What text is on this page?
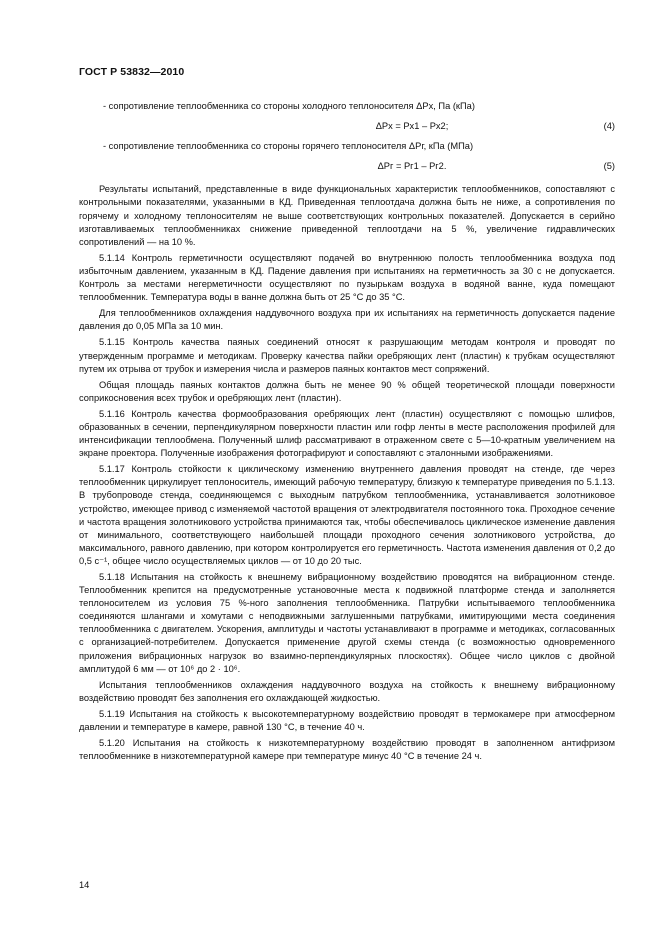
ГОСТ Р 53832—2010

- сопротивление теплообменника со стороны холодного теплоносителя ΔPх, Па (кПа)

ΔPх = Pх1 – Pх2;	(4)

- сопротивление теплообменника со стороны горячего теплоносителя ΔPг, кПа (МПа)

ΔPг = Pг1 – Pг2.	(5)

Результаты испытаний, представленные в виде функциональных характеристик теплообменников, сопоставляют с контрольными показателями, указанными в КД. Приведенная теплоотдача должна быть не ниже, а сопротивления по горячему и холодному теплоносителям не выше соответствующих контрольных показателей. Допускается в серийно изготавливаемых теплообменниках снижение приведенной теплоотдачи на 5 %, увеличение гидравлических сопротивлений — на 10 %.

5.1.14 Контроль герметичности осуществляют подачей во внутреннюю полость теплообменника воздуха под избыточным давлением, указанным в КД. Падение давления при испытаниях на герметичность за 30 с не допускается. Контроль за местами негерметичности осуществляют по пузырькам воздуха в водяной ванне, куда помещают теплообменник. Температура воды в ванне должна быть от 25 °С до 35 °С.

Для теплообменников охлаждения наддувочного воздуха при их испытаниях на герметичность допускается падение давления до 0,05 МПа за 10 мин.

5.1.15 Контроль качества паяных соединений относят к разрушающим методам контроля и проводят по утвержденным программе и методикам. Проверку качества пайки оребряющих лент (пластин) к трубкам осуществляют путем их отрыва от трубок и измерения числа и размеров паяных контактов мест сопряжений.

Общая площадь паяных контактов должна быть не менее 90 % общей теоретической площади поверхности соприкосновения всех трубок и оребряющих лент (пластин).

5.1.16 Контроль качества формообразования оребряющих лент (пластин) осуществляют с помощью шлифов, образованных в сечении, перпендикулярном поверхности пластин или гофр ленты в месте расположения профилей для интенсификации теплообмена. Полученный шлиф рассматривают в отраженном свете с 5—10-кратным увеличением на экране проектора. Полученные изображения фотографируют и сопоставляют с эталонными изображениями.

5.1.17 Контроль стойкости к циклическому изменению внутреннего давления проводят на стенде, где через теплообменник циркулирует теплоноситель, имеющий рабочую температуру, близкую к температуре приведения по 5.1.13. В трубопроводе стенда, соединяющемся с выходным патрубком теплообменника, устанавливается золотниковое устройство, имеющее привод с изменяемой частотой вращения от электродвигателя постоянного тока. Проходное сечение и частота вращения золотникового устройства принимаются так, чтобы обеспечивалось циклическое изменение давления от минимального, соответствующего наибольшей площади проходного сечения золотникового устройства, до максимального, равного давлению, при котором контролируется его герметичность. Частота изменения давления от 0,2 до 0,5 с⁻¹, общее число осуществляемых циклов — от 10 до 20 тыс.

5.1.18 Испытания на стойкость к внешнему вибрационному воздействию проводятся на вибрационном стенде. Теплообменник крепится на предусмотренные установочные места к подвижной платформе стенда и заполняется теплоносителем из условия 75 %-ного заполнения теплообменника. Патрубки испытываемого теплообменника соединяются шлангами и хомутами с неподвижными заглушенными патрубками, имитирующими места соединения теплообменника с двигателем. Ускорения, амплитуды и частоты устанавливают в программе и методиках, согласованных с организацией-потребителем. Допускается применение другой схемы стенда (с возможностью одновременного приложения вибрационных нагрузок во взаимно-перпендикулярных плоскостях). Общее число циклов с двойной амплитудой 6 мм — от 10⁶ до 2 · 10⁶.

Испытания теплообменников охлаждения наддувочного воздуха на стойкость к внешнему вибрационному воздействию проводят без заполнения его охлаждающей жидкостью.

5.1.19 Испытания на стойкость к высокотемпературному воздействию проводят в термокамере при атмосферном давлении и температуре в камере, равной 130 °С, в течение 40 ч.

5.1.20 Испытания на стойкость к низкотемпературному воздействию проводят в заполненном антифризом теплообменнике в низкотемпературной камере при температуре минус 40 °С в течение 24 ч.

14
